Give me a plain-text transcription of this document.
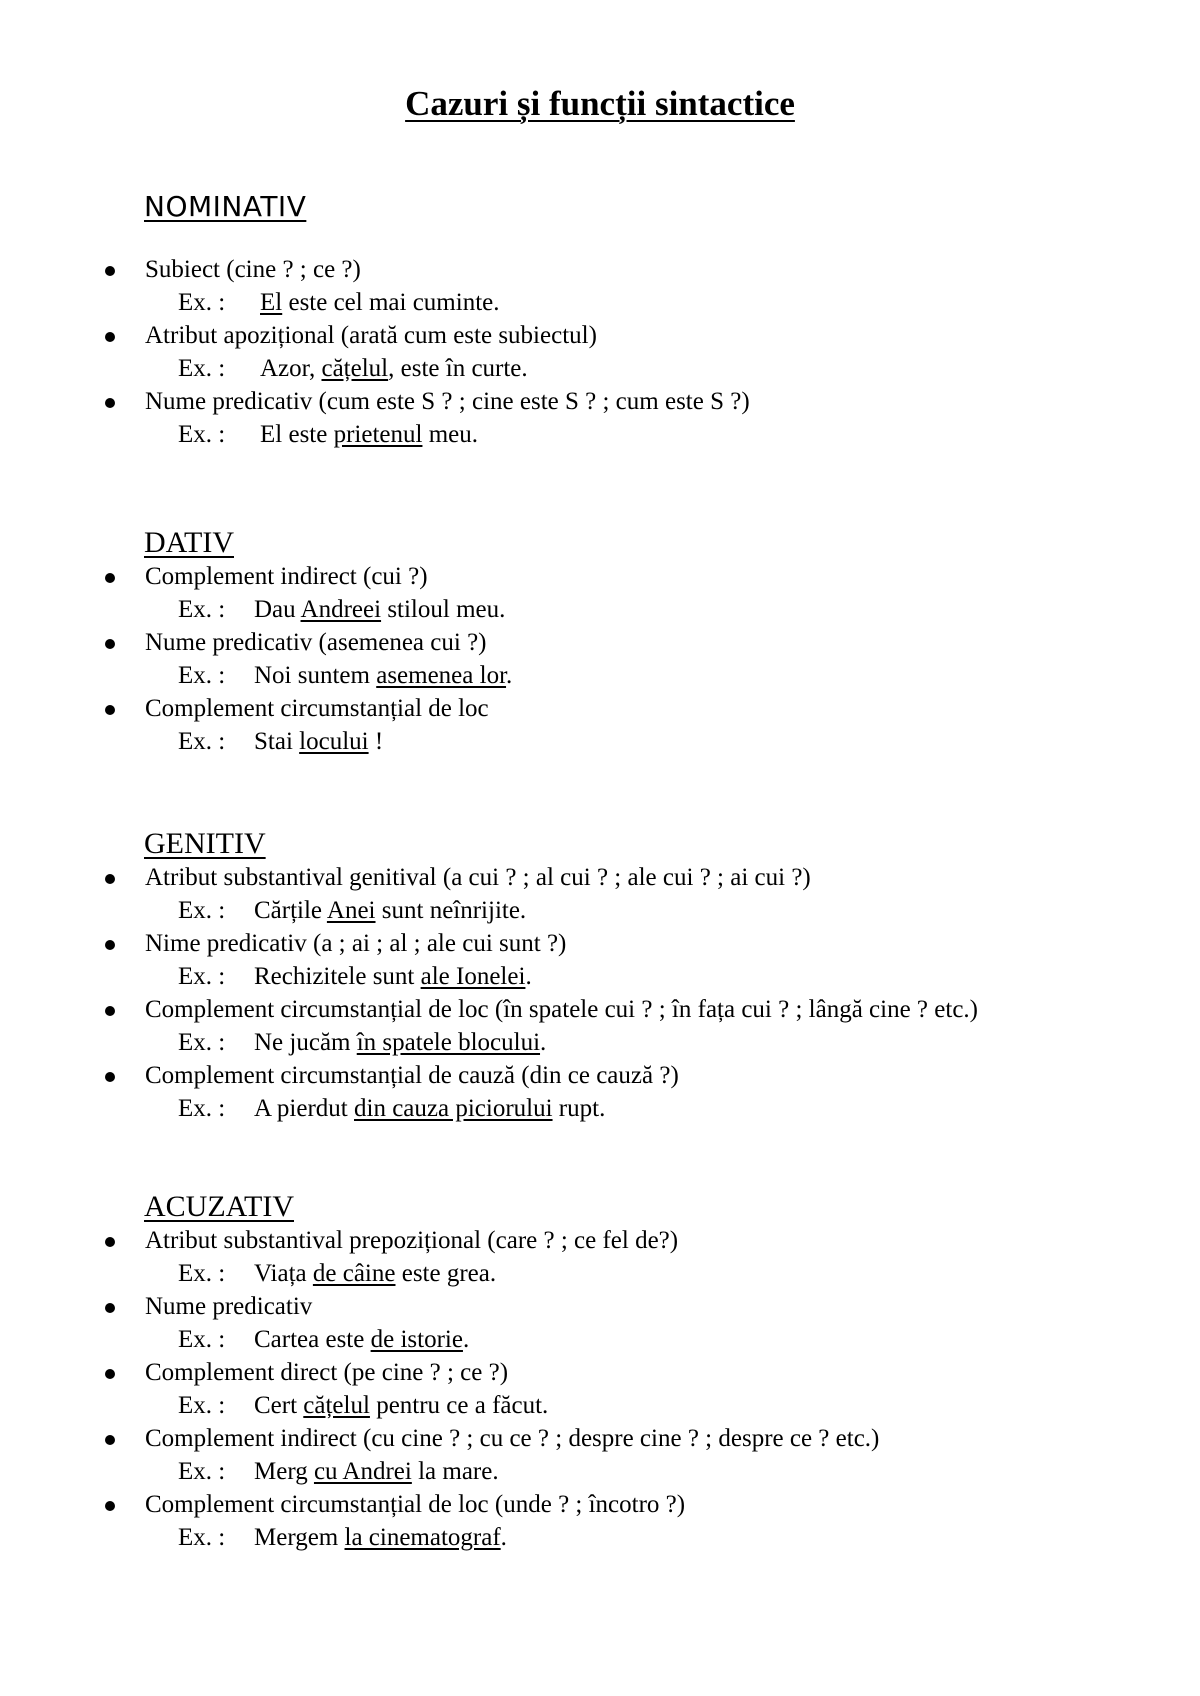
Cazuri și funcții sintactice
NOMINATIV
Subiect (cine ? ; ce ?)
Ex. : El este cel mai cuminte.
Atribut apozițional (arată cum este subiectul)
Ex. : Azor, cățelul, este în curte.
Nume predicativ (cum este S ? ; cine este S ? ; cum este S ?)
Ex. : El este prietenul meu.
DATIV
Complement indirect (cui ?)
Ex. : Dau Andreei stiloul meu.
Nume predicativ (asemenea cui ?)
Ex. : Noi suntem asemenea lor.
Complement circumstanțial de loc
Ex. : Stai locului !
GENITIV
Atribut substantival genitival (a cui ? ; al cui ? ; ale cui ? ; ai cui ?)
Ex. : Cărțile Anei sunt neînrijite.
Nime predicativ (a ; ai ; al ; ale cui sunt ?)
Ex. : Rechizitele sunt ale Ionelei.
Complement circumstanțial de loc (în spatele cui ? ; în fața cui ? ; lângă cine ? etc.)
Ex. : Ne jucăm în spatele blocului.
Complement circumstanțial de cauză (din ce cauză ?)
Ex. : A pierdut din cauza piciorului rupt.
ACUZATIV
Atribut substantival prepozițional (care ? ; ce fel de?)
Ex. : Viața de câine este grea.
Nume predicativ
Ex. : Cartea este de istorie.
Complement direct (pe cine ? ; ce ?)
Ex. : Cert cățelul pentru ce a făcut.
Complement indirect (cu cine ? ; cu ce ? ; despre cine ? ; despre ce ? etc.)
Ex. : Merg cu Andrei la mare.
Complement circumstanțial de loc (unde ? ; încotro ?)
Ex. : Mergem la cinematograf.
